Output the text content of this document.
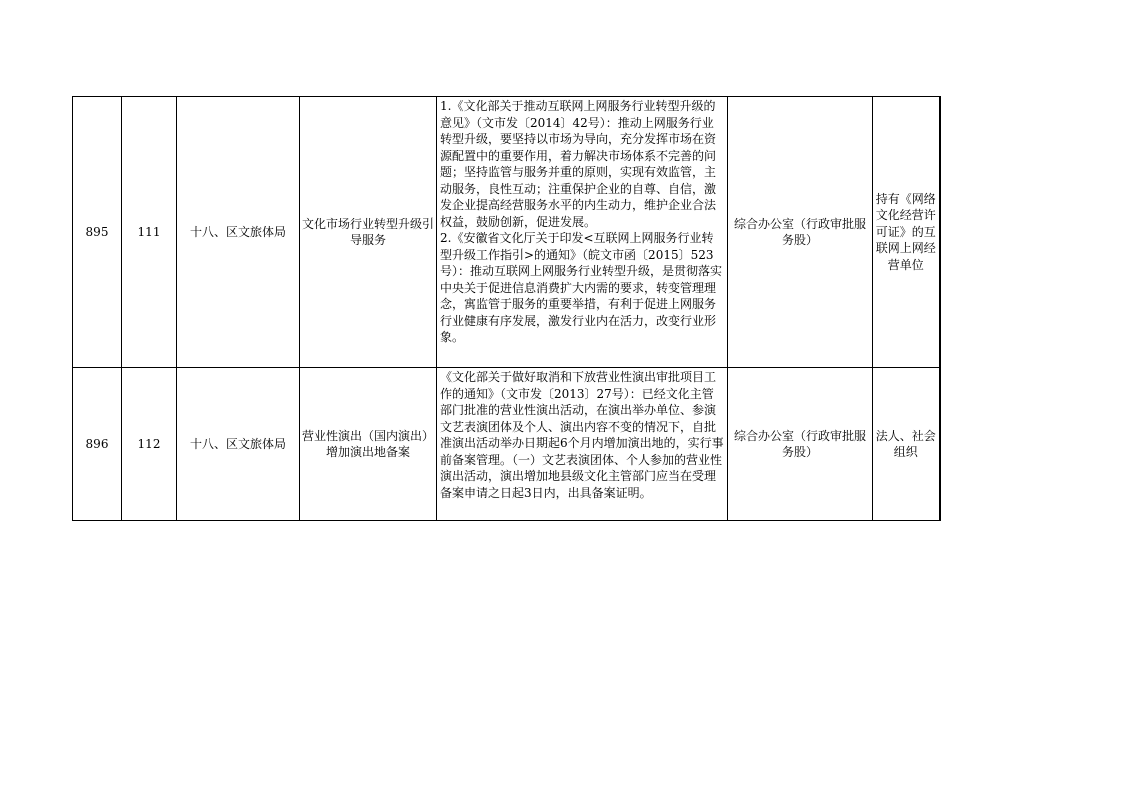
895	111	十八、区文旅体局	文化市场行业转型升级引导服务	1.《文化部关于推动互联网上网服务行业转型升级的意见》（文市发〔2014〕42号）：推动上网服务行业转型升级，要坚持以市场为导向，充分发挥市场在资源配置中的重要作用，着力解决市场体系不完善的问题；坚持监管与服务并重的原则，实现有效监管，主动服务，良性互动；注重保护企业的自尊、自信，激发企业提高经营服务水平的内生动力，维护企业合法权益，鼓励创新，促进发展。
2.《安徽省文化厅关于印发<互联网上网服务行业转型升级工作指引>的通知》（皖文市函〔2015〕523号）：推动互联网上网服务行业转型升级，是贯彻落实中央关于促进信息消费扩大内需的要求，转变管理理念，寓监管于服务的重要举措，有利于促进上网服务行业健康有序发展，激发行业内在活力，改变行业形象。	综合办公室（行政审批服务股）	持有《网络文化经营许可证》的互联网上网经营单位
896	112	十八、区文旅体局	营业性演出（国内演出）增加演出地备案	《文化部关于做好取消和下放营业性演出审批项目工作的通知》（文市发〔2013〕27号）：已经文化主管部门批准的营业性演出活动，在演出举办单位、参演文艺表演团体及个人、演出内容不变的情况下，自批准演出活动举办日期起6个月内增加演出地的，实行事前备案管理。（一）文艺表演团体、个人参加的营业性演出活动，演出增加地县级文化主管部门应当在受理备案申请之日起3日内，出具备案证明。	综合办公室（行政审批服务股）	法人、社会组织
